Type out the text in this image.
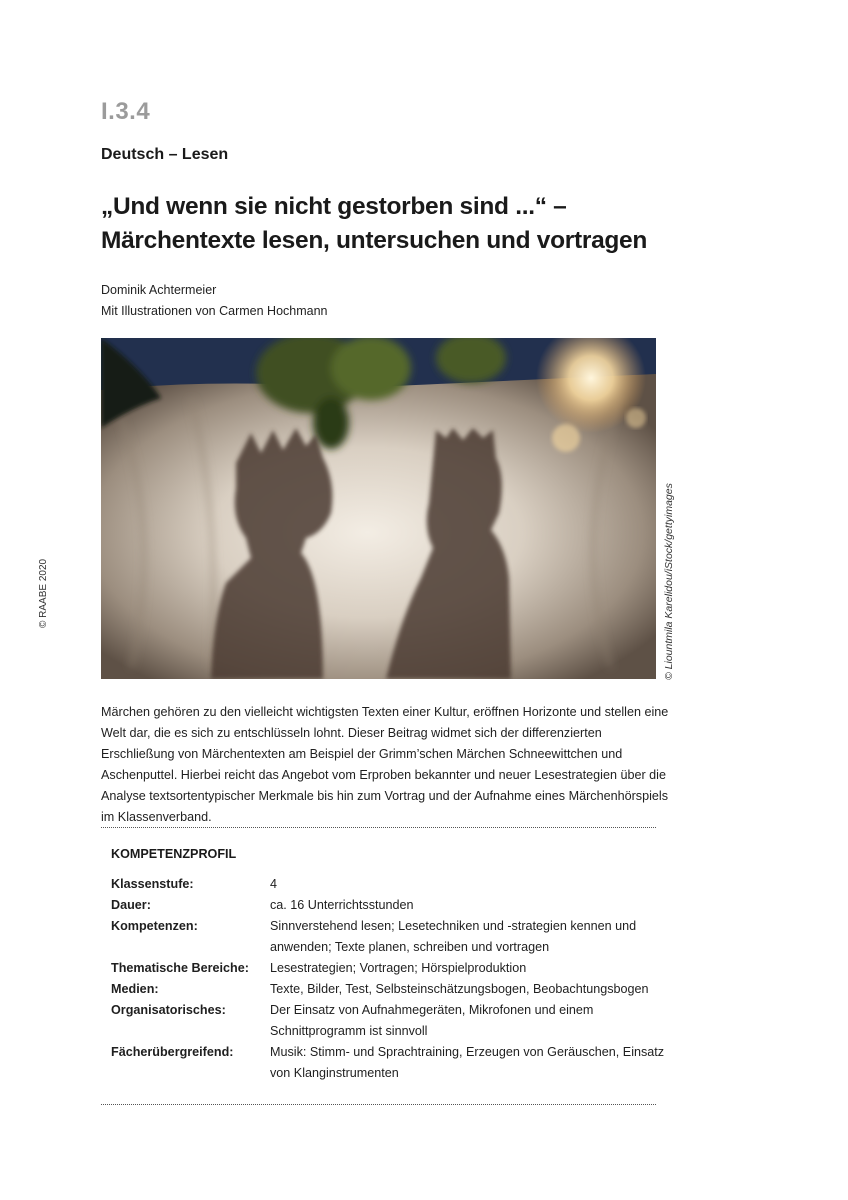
I.3.4
Deutsch – Lesen
„Und wenn sie nicht gestorben sind ...“ –
Märchentexte lesen, untersuchen und vortragen
Dominik Achtermeier
Mit Illustrationen von Carmen Hochmann
© Liountmila Karelidou/iStock/gettyimages
© RAABE 2020
Märchen gehören zu den vielleicht wichtigsten Texten einer Kultur, eröffnen Horizonte und stellen eine Welt dar, die es sich zu entschlüsseln lohnt. Dieser Beitrag widmet sich der differenzierten Erschließung von Märchentexten am Beispiel der Grimm’schen Märchen Schneewittchen und Aschenputtel. Hierbei reicht das Angebot vom Erproben bekannter und neuer Lesestrategien über die Analyse textsortentypischer Merkmale bis hin zum Vortrag und der Aufnahme eines Märchenhörspiels im Klassenverband.
KOMPETENZPROFIL
Klassenstufe:	4
Dauer:	ca. 16 Unterrichtsstunden
Kompetenzen:	Sinnverstehend lesen; Lesetechniken und -strategien kennen und anwenden; Texte planen, schreiben und vortragen
Thematische Bereiche:	Lesestrategien; Vortragen; Hörspielproduktion
Medien:	Texte, Bilder, Test, Selbsteinschätzungsbogen, Beobachtungsbogen
Organisatorisches:	Der Einsatz von Aufnahmegeräten, Mikrofonen und einem Schnittprogramm ist sinnvoll
Fächerübergreifend:	Musik: Stimm- und Sprachtraining, Erzeugen von Geräuschen, Einsatz von Klanginstrumenten
